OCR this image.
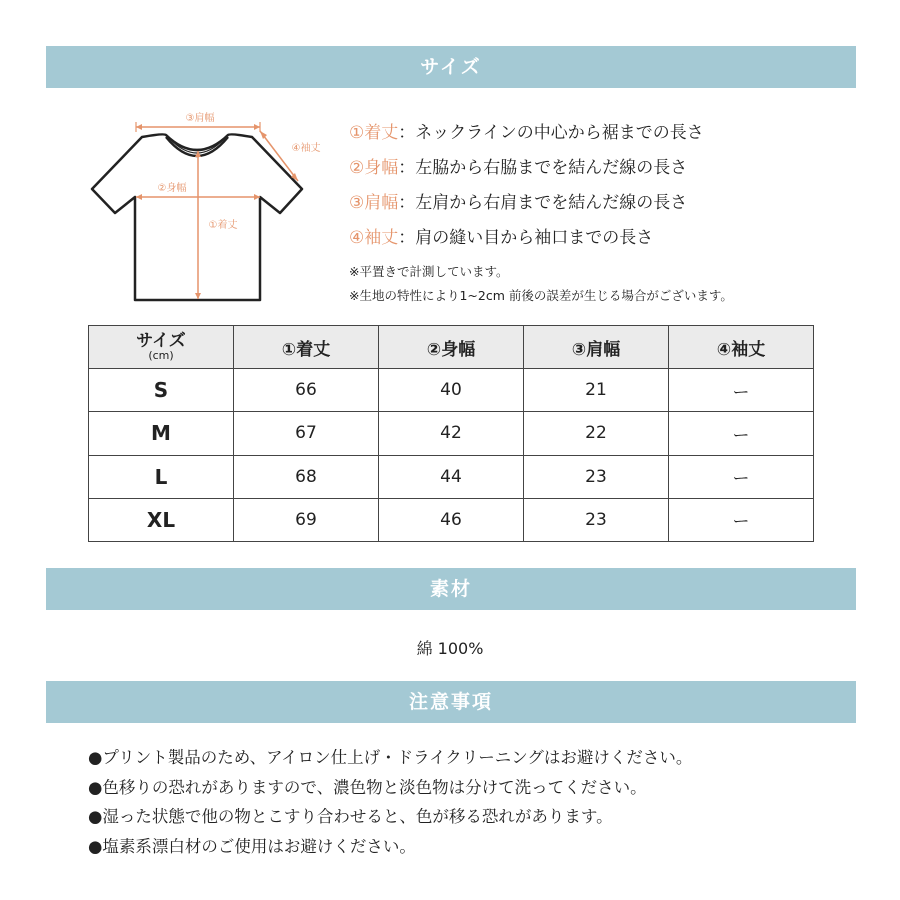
サイズ
③肩幅
④袖丈
②身幅
①着丈
①着丈：ネックラインの中心から裾までの長さ
②身幅：左脇から右脇までを結んだ線の長さ
③肩幅：左肩から右肩までを結んだ線の長さ
④袖丈：肩の縫い目から袖口までの長さ
※平置きで計測しています。
※生地の特性により1~2cm 前後の誤差が生じる場合がございます。
サイズ
(cm)	①着丈	②身幅	③肩幅	④袖丈
S	66	40	21	ー
M	67	42	22	ー
L	68	44	23	ー
XL	69	46	23	ー
素材
綿 100%
注意事項
●プリント製品のため、アイロン仕上げ・ドライクリーニングはお避けください。
●色移りの恐れがありますので、濃色物と淡色物は分けて洗ってください。
●湿った状態で他の物とこすり合わせると、色が移る恐れがあります。
●塩素系漂白材のご使用はお避けください。
